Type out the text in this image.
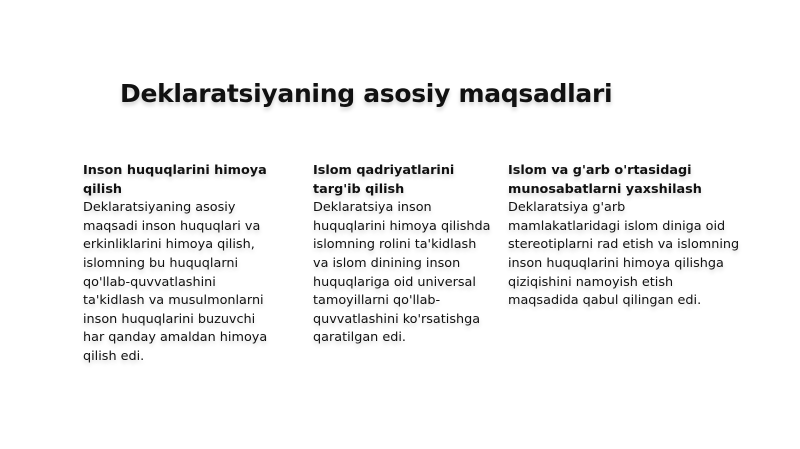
Deklaratsiyaning asosiy maqsadlari
Inson huquqlarini himoya qilish
Deklaratsiyaning asosiy maqsadi inson huquqlari va erkinliklarini himoya qilish, islomning bu huquqlarni qo'llab-quvvatlashini ta'kidlash va musulmonlarni inson huquqlarini buzuvchi har qanday amaldan himoya qilish edi.
Islom qadriyatlarini targ'ib qilish
Deklaratsiya inson huquqlarini himoya qilishda islomning rolini ta'kidlash va islom dinining inson huquqlariga oid universal tamoyillarni qo'llab-quvvatlashini ko'rsatishga qaratilgan edi.
Islom va g'arb o'rtasidagi munosabatlarni yaxshilash
Deklaratsiya g'arb mamlakatlaridagi islom diniga oid stereotiplarni rad etish va islomning inson huquqlarini himoya qilishga qiziqishini namoyish etish maqsadida qabul qilingan edi.
